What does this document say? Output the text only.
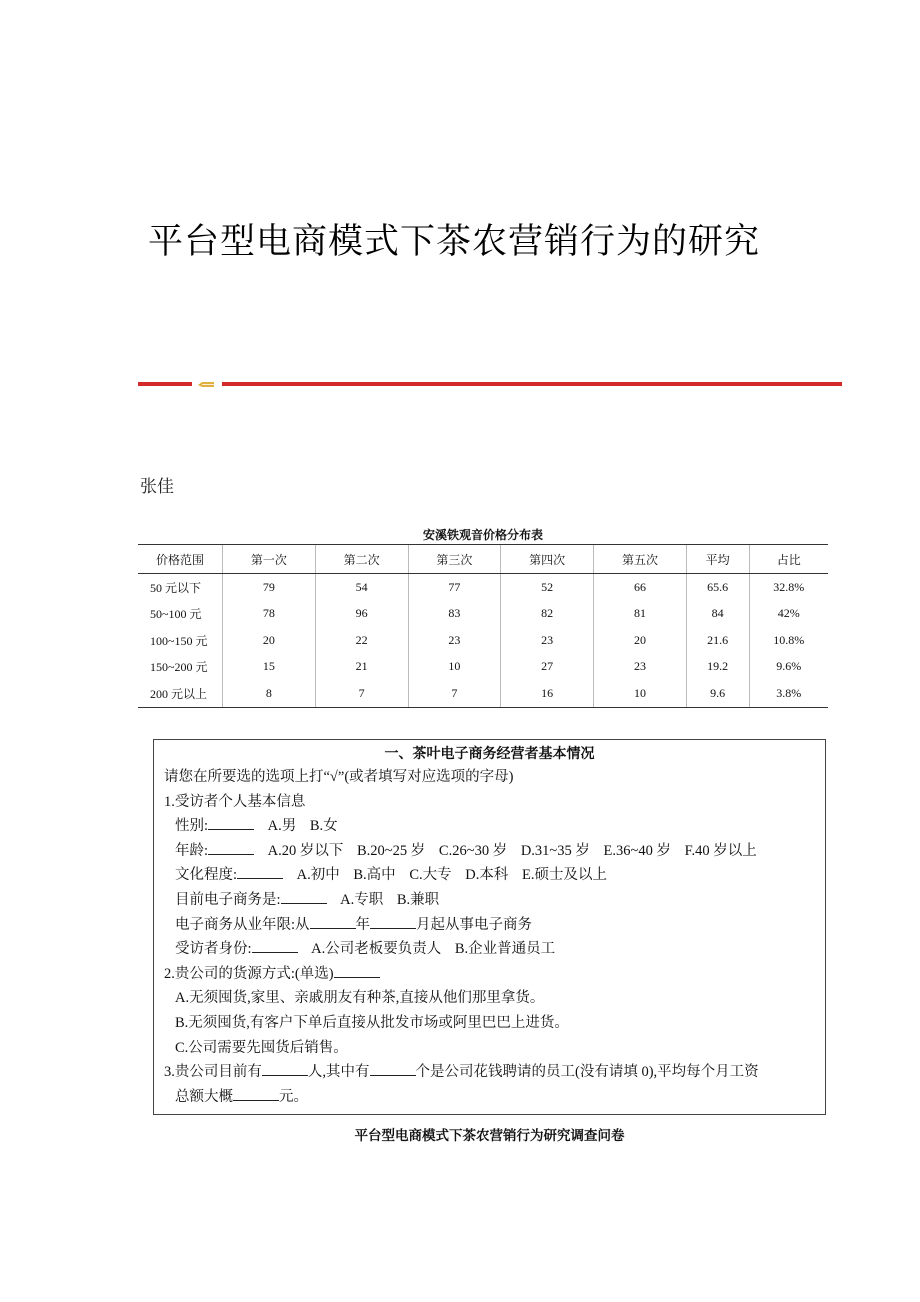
平台型电商模式下茶农营销行为的研究
张佳
安溪铁观音价格分布表
价格范围	第一次	第二次	第三次	第四次	第五次	平均	占比
50 元以下	79	54	77	52	66	65.6	32.8%
50~100 元	78	96	83	82	81	84	42%
100~150 元	20	22	23	23	20	21.6	10.8%
150~200 元	15	21	10	27	23	19.2	9.6%
200 元以上	8	7	7	16	10	9.6	3.8%
一、茶叶电子商务经营者基本情况
请您在所要选的选项上打“√”(或者填写对应选项的字母)
1.受访者个人基本信息
性别:	A.男 B.女
年龄:	A.20 岁以下 B.20~25 岁 C.26~30 岁 D.31~35 岁 E.36~40 岁 F.40 岁以上
文化程度:	A.初中 B.高中 C.大专 D.本科 E.硕士及以上
目前电子商务是:	A.专职 B.兼职
电子商务从业年限:从	年	月起从事电子商务
受访者身份:	A.公司老板要负责人 B.企业普通员工
2.贵公司的货源方式:(单选)
A.无须囤货,家里、亲戚朋友有种茶,直接从他们那里拿货。
B.无须囤货,有客户下单后直接从批发市场或阿里巴巴上进货。
C.公司需要先囤货后销售。
3.贵公司目前有	人,其中有	个是公司花钱聘请的员工(没有请填 0),平均每个月工资
总额大概	元。
平台型电商模式下茶农营销行为研究调查问卷
